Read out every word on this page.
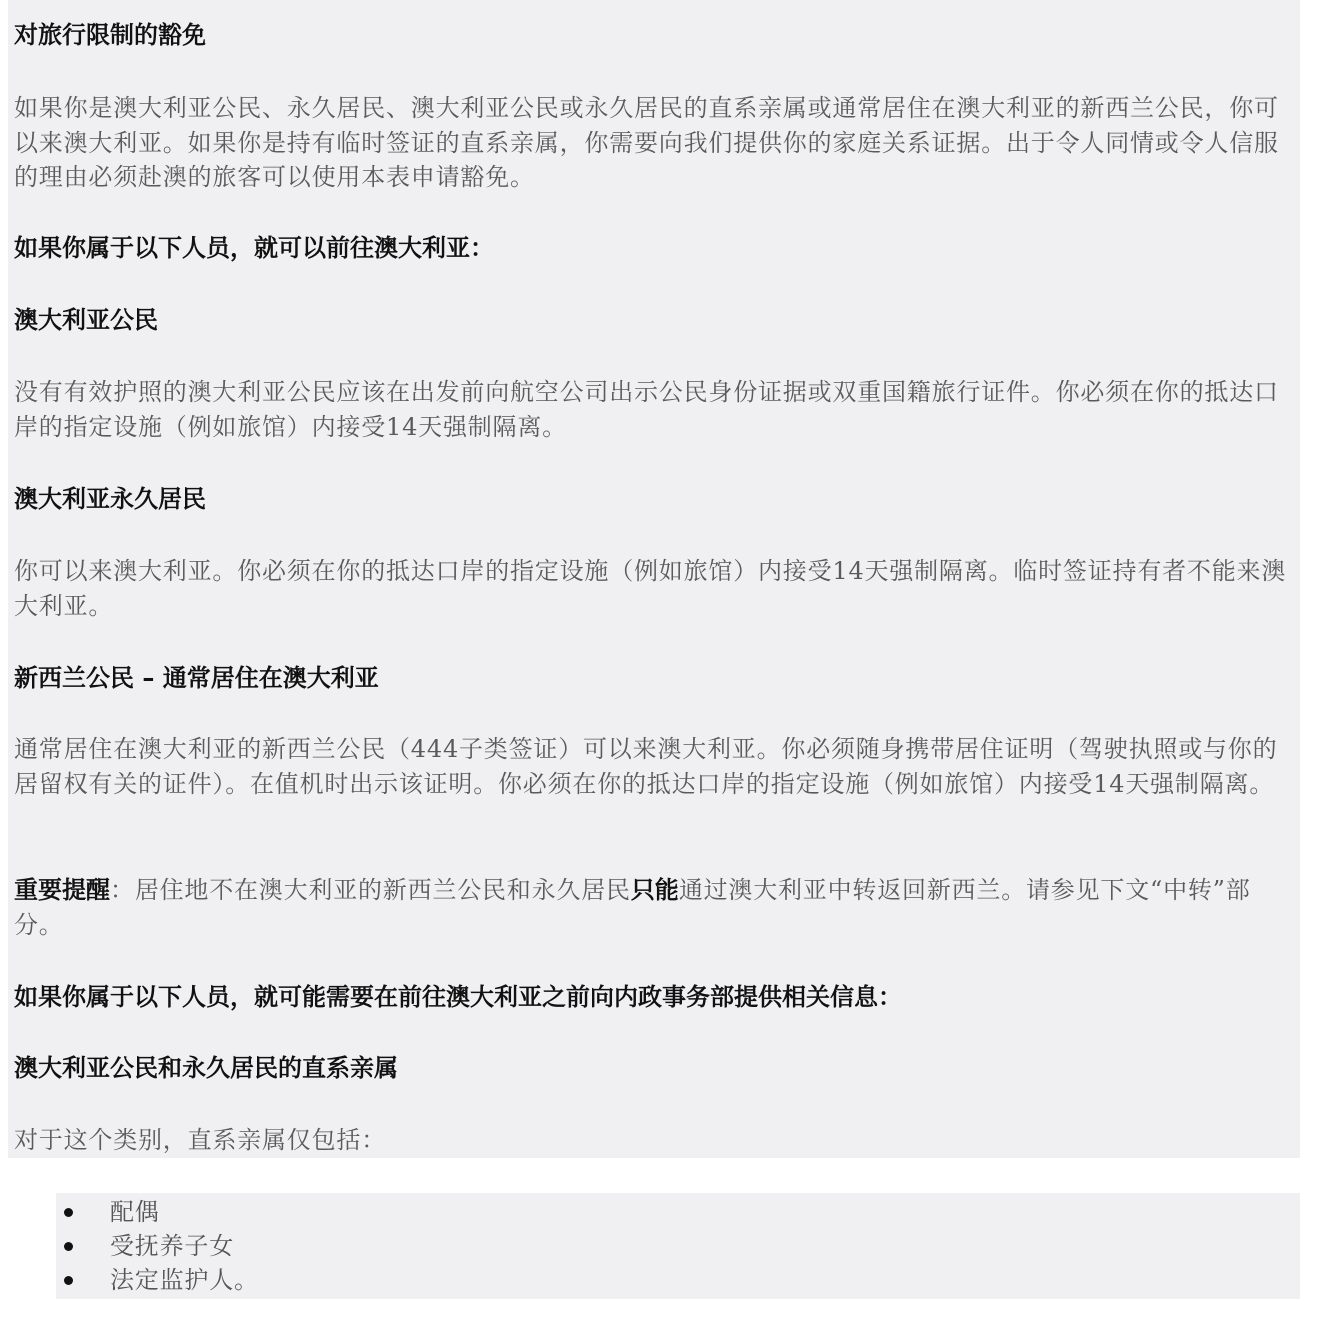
对旅行限制的豁免

如果你是澳大利亚公民、永久居民、澳大利亚公民或永久居民的直系亲属或通常居住在澳大利亚的新西兰公民，你可以来澳大利亚。如果你是持有临时签证的直系亲属，你需要向我们提供你的家庭关系证据。出于令人同情或令人信服的理由必须赴澳的旅客可以使用本表申请豁免。

如果你属于以下人员，就可以前往澳大利亚：
澳大利亚公民

没有有效护照的澳大利亚公民应该在出发前向航空公司出示公民身份证据或双重国籍旅行证件。你必须在你的抵达口岸的指定设施（例如旅馆）内接受14天强制隔离。

澳大利亚永久居民

你可以来澳大利亚。你必须在你的抵达口岸的指定设施（例如旅馆）内接受14天强制隔离。临时签证持有者不能来澳大利亚。

新西兰公民 – 通常居住在澳大利亚

通常居住在澳大利亚的新西兰公民（444子类签证）可以来澳大利亚。你必须随身携带居住证明（驾驶执照或与你的居留权有关的证件）。在值机时出示该证明。你必须在你的抵达口岸的指定设施（例如旅馆）内接受14天强制隔离。

重要提醒：居住地不在澳大利亚的新西兰公民和永久居民只能通过澳大利亚中转返回新西兰。请参见下文“中转”部分。

如果你属于以下人员，就可能需要在前往澳大利亚之前向内政事务部提供相关信息：
澳大利亚公民和永久居民的直系亲属

对于这个类别，直系亲属仅包括：

配偶
受抚养子女
法定监护人。
